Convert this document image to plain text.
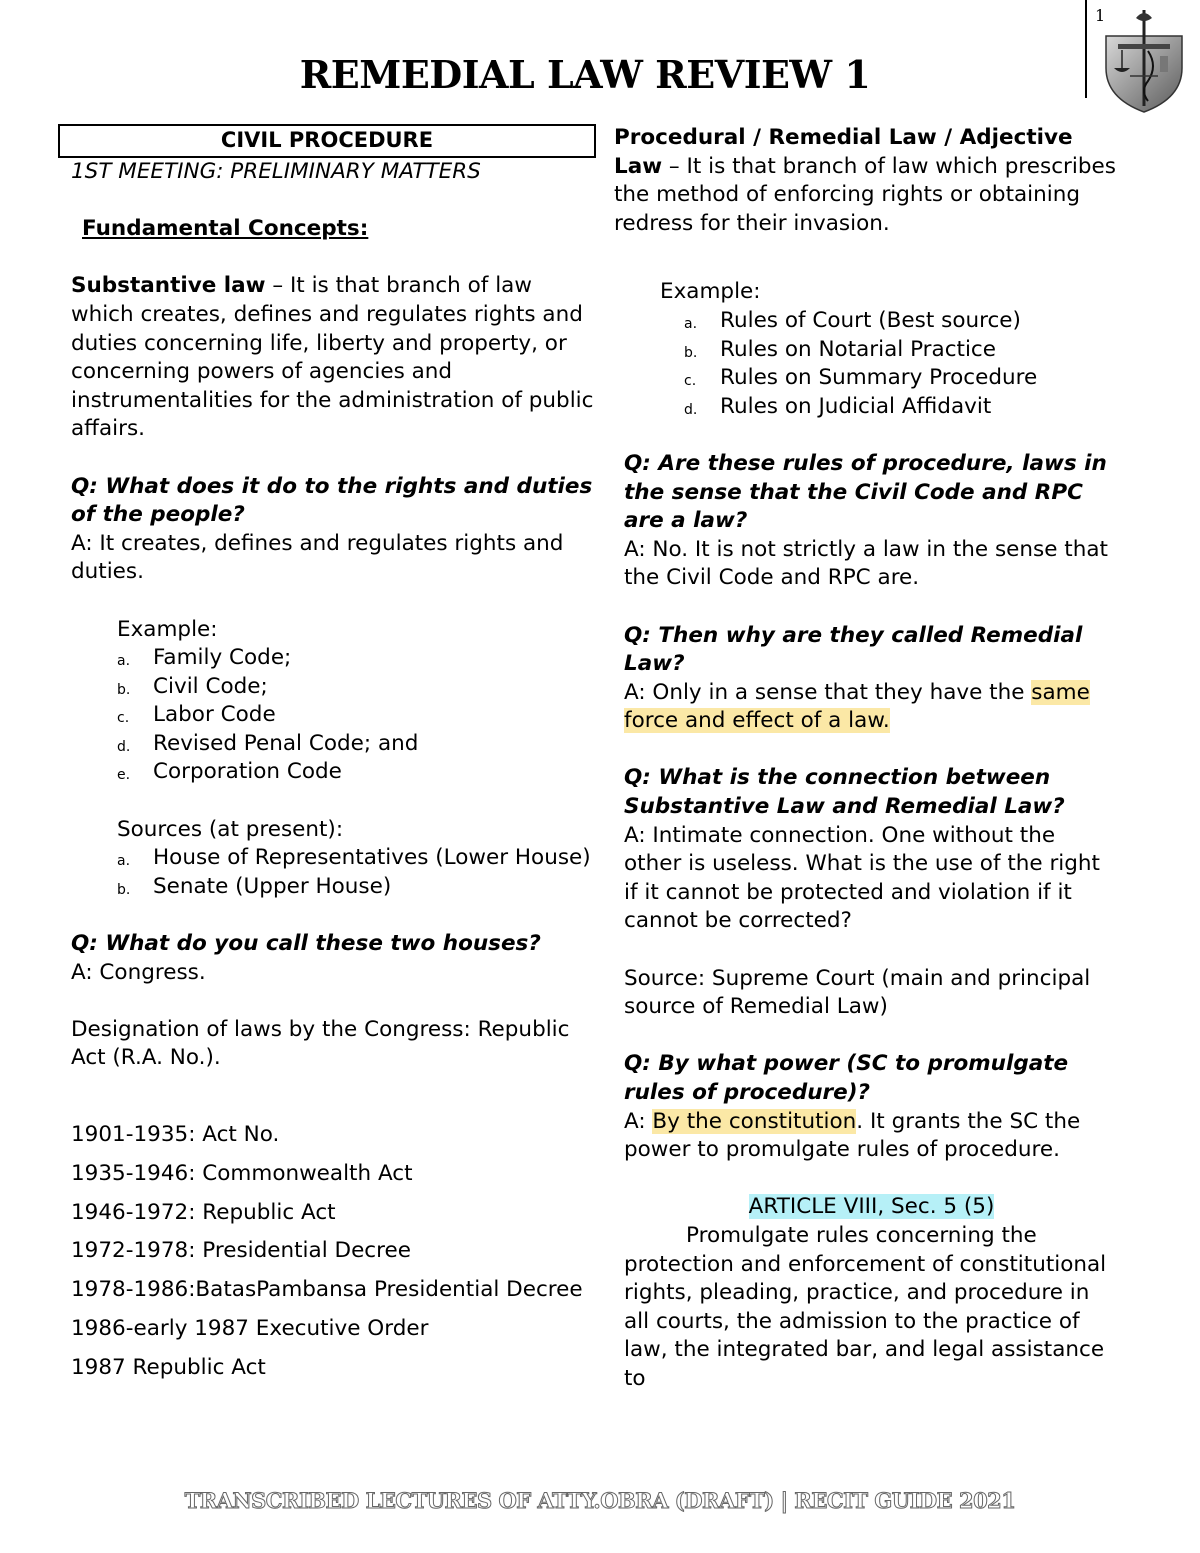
REMEDIAL LAW REVIEW 1
1
CIVIL PROCEDURE

1ST MEETING: PRELIMINARY MATTERS

Fundamental Concepts:

Substantive law – It is that branch of law which creates, defines and regulates rights and duties concerning life, liberty and property, or concerning powers of agencies and instrumentalities for the administration of public affairs.

Q: What does it do to the rights and duties of the people?

A: It creates, defines and regulates rights and duties.

Example:

a. Family Code;
b. Civil Code;
c. Labor Code
d. Revised Penal Code; and
e. Corporation Code

Sources (at present):

a. House of Representatives (Lower House)
b. Senate (Upper House)

Q: What do you call these two houses?

A: Congress.

Designation of laws by the Congress: Republic Act (R.A. No.).

1901-1935: Act No.

1935-1946: Commonwealth Act

1946-1972: Republic Act

1972-1978: Presidential Decree

1978-1986:BatasPambansa Presidential Decree

1986-early 1987 Executive Order

1987 Republic Act

Procedural / Remedial Law / Adjective Law – It is that branch of law which prescribes the method of enforcing rights or obtaining redress for their invasion.

Example:

a. Rules of Court (Best source)
b. Rules on Notarial Practice
c. Rules on Summary Procedure
d. Rules on Judicial Affidavit

Q: Are these rules of procedure, laws in the sense that the Civil Code and RPC are a law?

A: No. It is not strictly a law in the sense that the Civil Code and RPC are.

Q: Then why are they called Remedial Law?

A: Only in a sense that they have the same force and effect of a law.

Q: What is the connection between Substantive Law and Remedial Law?

A: Intimate connection. One without the other is useless. What is the use of the right if it cannot be protected and violation if it cannot be corrected?

Source: Supreme Court (main and principal source of Remedial Law)

Q: By what power (SC to promulgate rules of procedure)?

A: By the constitution. It grants the SC the power to promulgate rules of procedure.

ARTICLE VIII, Sec. 5 (5)

Promulgate rules concerning the protection and enforcement of constitutional rights, pleading, practice, and procedure in all courts, the admission to the practice of law, the integrated bar, and legal assistance to

TRANSCRIBED LECTURES OF ATTY.OBRA (DRAFT) | RECIT GUIDE 2021
